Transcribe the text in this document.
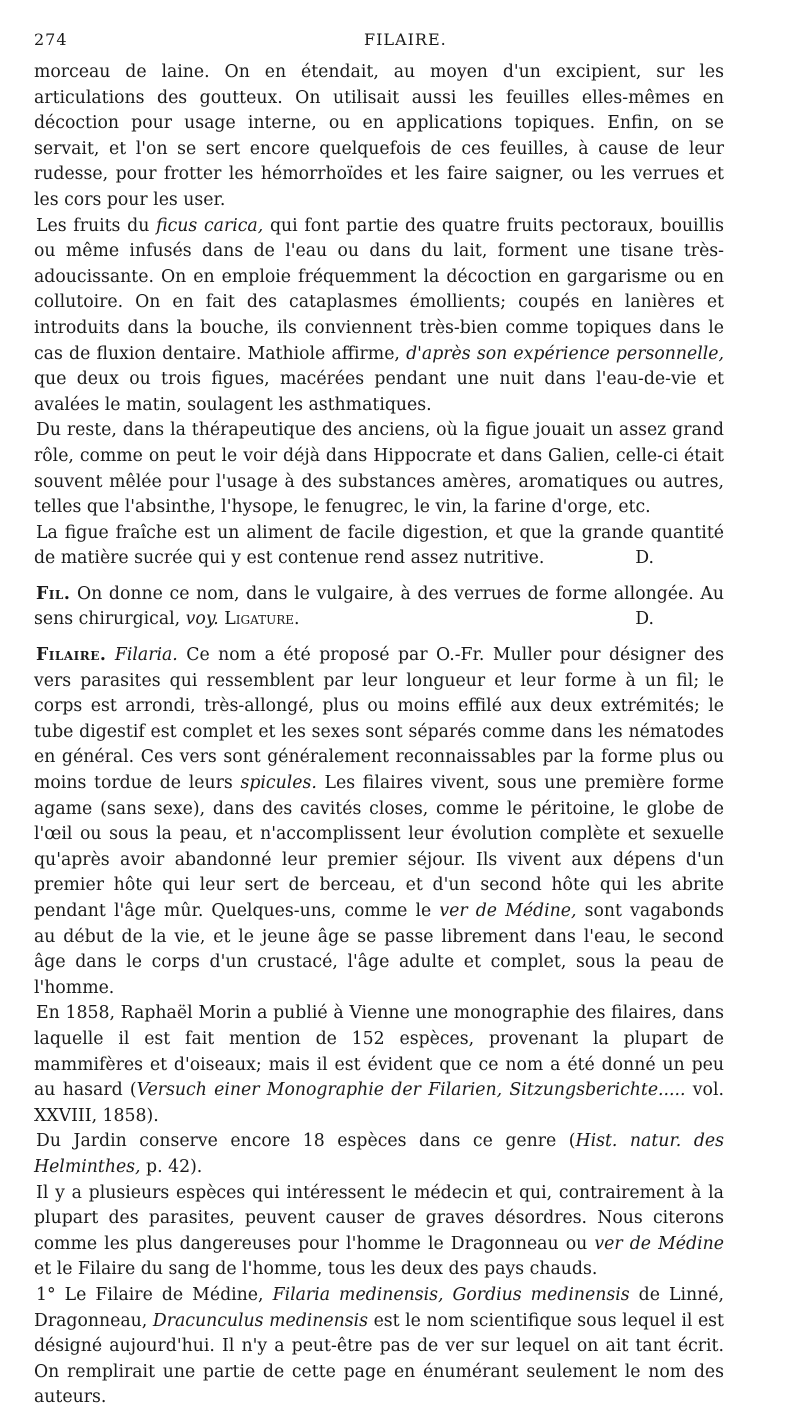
274	FILAIRE.

morceau de laine. On en étendait, au moyen d'un excipient, sur les articulations des goutteux. On utilisait aussi les feuilles elles-mêmes en décoction pour usage interne, ou en applications topiques. Enfin, on se servait, et l'on se sert encore quelquefois de ces feuilles, à cause de leur rudesse, pour frotter les hémorrhoïdes et les faire saigner, ou les verrues et les cors pour les user.

Les fruits du ficus carica, qui font partie des quatre fruits pectoraux, bouillis ou même infusés dans de l'eau ou dans du lait, forment une tisane très-adoucissante. On en emploie fréquemment la décoction en gargarisme ou en collutoire. On en fait des cataplasmes émollients; coupés en lanières et introduits dans la bouche, ils conviennent très-bien comme topiques dans le cas de fluxion dentaire. Mathiole affirme, d'après son expérience personnelle, que deux ou trois figues, macérées pendant une nuit dans l'eau-de-vie et avalées le matin, soulagent les asthmatiques.

Du reste, dans la thérapeutique des anciens, où la figue jouait un assez grand rôle, comme on peut le voir déjà dans Hippocrate et dans Galien, celle-ci était souvent mêlée pour l'usage à des substances amères, aromatiques ou autres, telles que l'absinthe, l'hysope, le fenugrec, le vin, la farine d'orge, etc.

La figue fraîche est un aliment de facile digestion, et que la grande quantité de matière sucrée qui y est contenue rend assez nutritive.	D.

Fil. On donne ce nom, dans le vulgaire, à des verrues de forme allongée. Au sens chirurgical, voy. Ligature.	D.

Filaire. Filaria. Ce nom a été proposé par O.-Fr. Muller pour désigner des vers parasites qui ressemblent par leur longueur et leur forme à un fil; le corps est arrondi, très-allongé, plus ou moins effilé aux deux extrémités; le tube digestif est complet et les sexes sont séparés comme dans les nématodes en général. Ces vers sont généralement reconnaissables par la forme plus ou moins tordue de leurs spicules. Les filaires vivent, sous une première forme agame (sans sexe), dans des cavités closes, comme le péritoine, le globe de l'œil ou sous la peau, et n'accomplissent leur évolution complète et sexuelle qu'après avoir abandonné leur premier séjour. Ils vivent aux dépens d'un premier hôte qui leur sert de berceau, et d'un second hôte qui les abrite pendant l'âge mûr. Quelques-uns, comme le ver de Médine, sont vagabonds au début de la vie, et le jeune âge se passe librement dans l'eau, le second âge dans le corps d'un crustacé, l'âge adulte et complet, sous la peau de l'homme.

En 1858, Raphaël Morin a publié à Vienne une monographie des filaires, dans laquelle il est fait mention de 152 espèces, provenant la plupart de mammifères et d'oiseaux; mais il est évident que ce nom a été donné un peu au hasard (Versuch einer Monographie der Filarien, Sitzungsberichte..... vol. XXVIII, 1858).

Du Jardin conserve encore 18 espèces dans ce genre (Hist. natur. des Helminthes, p. 42).

Il y a plusieurs espèces qui intéressent le médecin et qui, contrairement à la plupart des parasites, peuvent causer de graves désordres. Nous citerons comme les plus dangereuses pour l'homme le Dragonneau ou ver de Médine et le Filaire du sang de l'homme, tous les deux des pays chauds.

1° Le Filaire de Médine, Filaria medinensis, Gordius medinensis de Linné, Dragonneau, Dracunculus medinensis est le nom scientifique sous lequel il est désigné aujourd'hui. Il n'y a peut-être pas de ver sur lequel on ait tant écrit. On remplirait une partie de cette page en énumérant seulement le nom des auteurs.
